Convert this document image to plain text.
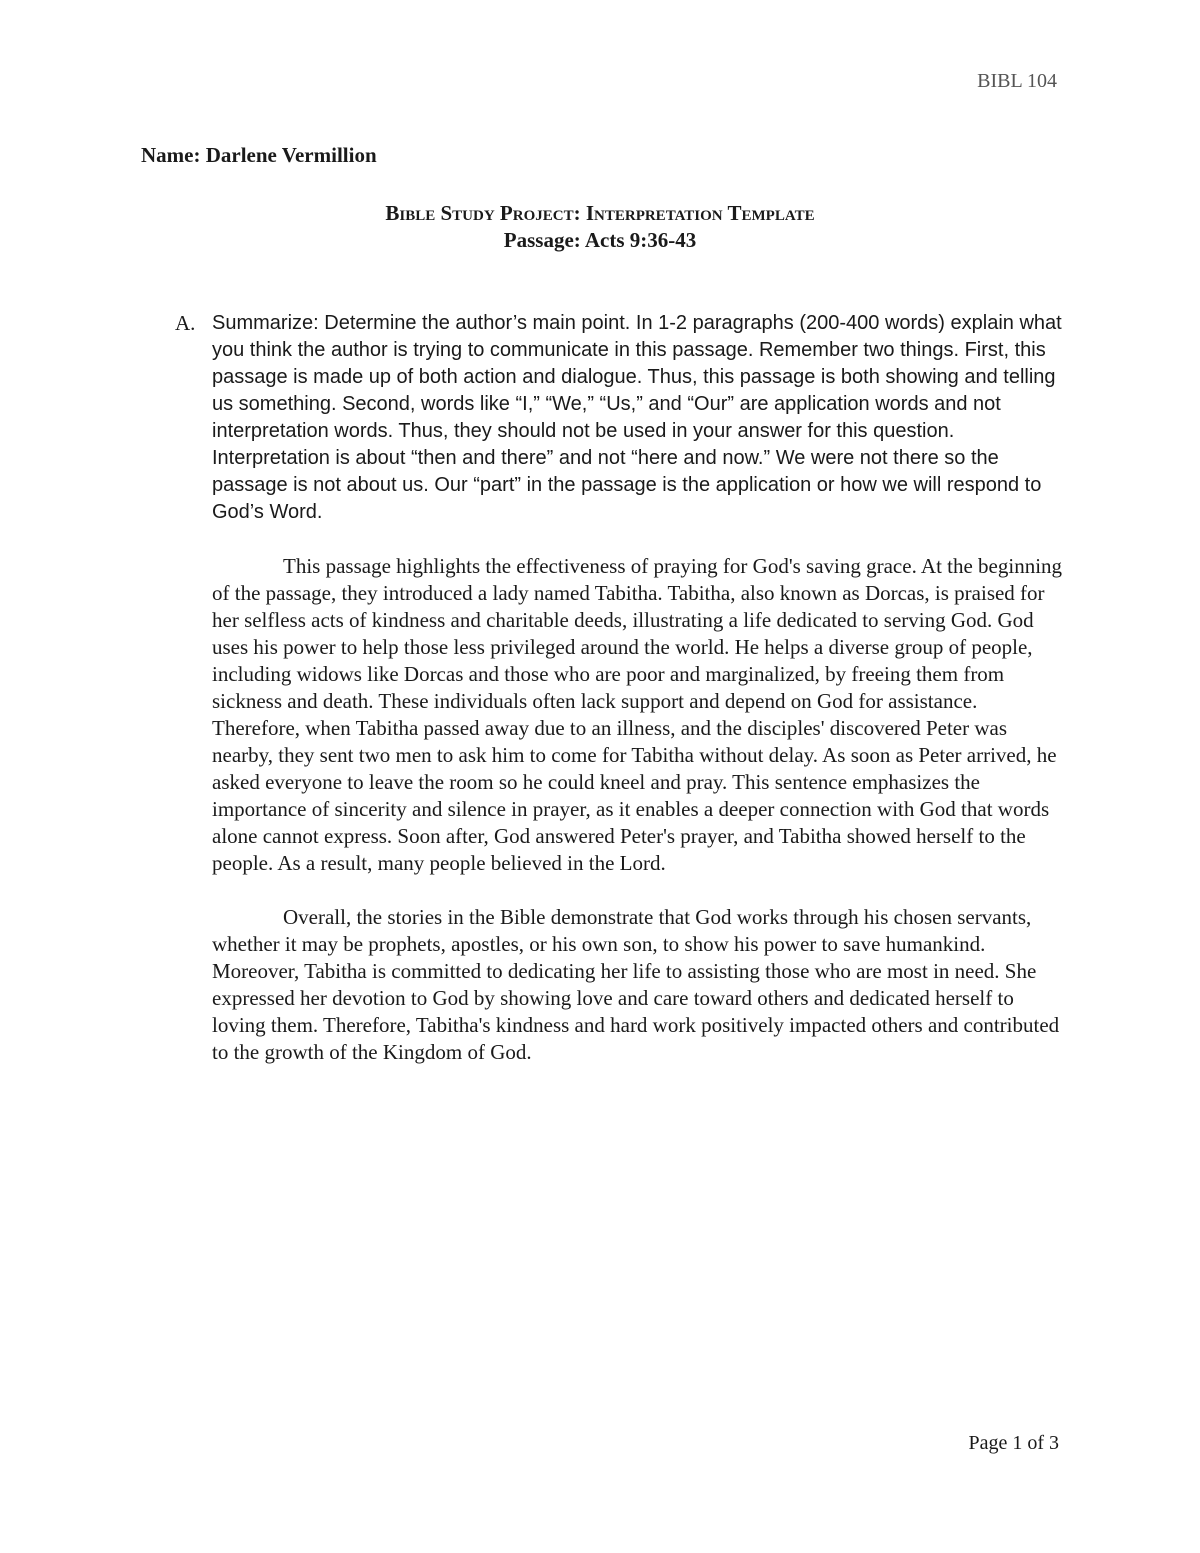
BIBL 104
Name: Darlene Vermillion
Bible Study Project: Interpretation Template
Passage: Acts 9:36-43
A. Summarize: Determine the author’s main point. In 1-2 paragraphs (200-400 words) explain what you think the author is trying to communicate in this passage. Remember two things. First, this passage is made up of both action and dialogue. Thus, this passage is both showing and telling us something. Second, words like “I,” “We,” “Us,” and “Our” are application words and not interpretation words. Thus, they should not be used in your answer for this question. Interpretation is about “then and there” and not “here and now.” We were not there so the passage is not about us. Our “part” in the passage is the application or how we will respond to God’s Word.

This passage highlights the effectiveness of praying for God's saving grace. At the beginning of the passage, they introduced a lady named Tabitha. Tabitha, also known as Dorcas, is praised for her selfless acts of kindness and charitable deeds, illustrating a life dedicated to serving God. God uses his power to help those less privileged around the world. He helps a diverse group of people, including widows like Dorcas and those who are poor and marginalized, by freeing them from sickness and death. These individuals often lack support and depend on God for assistance. Therefore, when Tabitha passed away due to an illness, and the disciples' discovered Peter was nearby, they sent two men to ask him to come for Tabitha without delay. As soon as Peter arrived, he asked everyone to leave the room so he could kneel and pray. This sentence emphasizes the importance of sincerity and silence in prayer, as it enables a deeper connection with God that words alone cannot express. Soon after, God answered Peter's prayer, and Tabitha showed herself to the people. As a result, many people believed in the Lord.

Overall, the stories in the Bible demonstrate that God works through his chosen servants, whether it may be prophets, apostles, or his own son, to show his power to save humankind. Moreover, Tabitha is committed to dedicating her life to assisting those who are most in need. She expressed her devotion to God by showing love and care toward others and dedicated herself to loving them. Therefore, Tabitha's kindness and hard work positively impacted others and contributed to the growth of the Kingdom of God.

Page 1 of 3
